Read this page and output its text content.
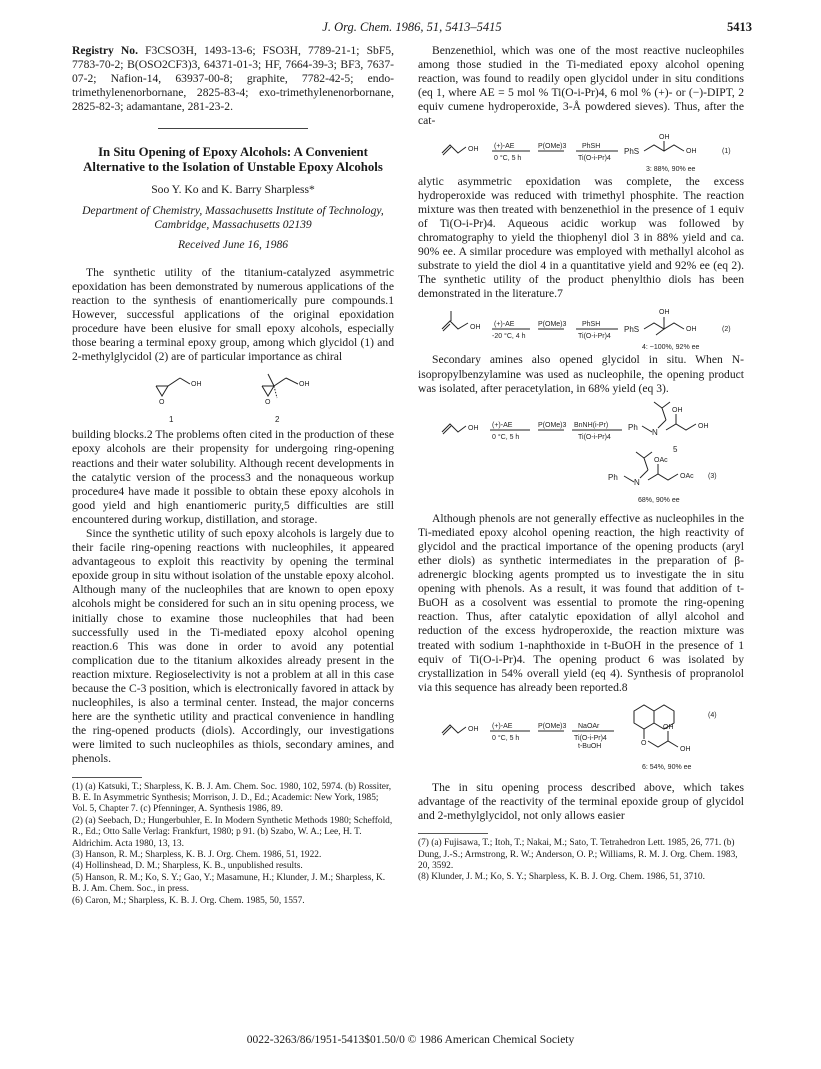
J. Org. Chem. 1986, 51, 5413–5415	5413
Registry No. F3CSO3H, 1493-13-6; FSO3H, 7789-21-1; SbF5, 7783-70-2; B(OSO2CF3)3, 64371-01-3; HF, 7664-39-3; BF3, 7637-07-2; Nafion-14, 63937-00-8; graphite, 7782-42-5; endo-trimethylenenorbornane, 2825-83-4; exo-trimethylenenorbornane, 2825-82-3; adamantane, 281-23-2.
In Situ Opening of Epoxy Alcohols: A Convenient Alternative to the Isolation of Unstable Epoxy Alcohols
Soo Y. Ko and K. Barry Sharpless*
Department of Chemistry, Massachusetts Institute of Technology, Cambridge, Massachusetts 02139
Received June 16, 1986
The synthetic utility of the titanium-catalyzed asymmetric epoxidation has been demonstrated by numerous applications of the reaction to the synthesis of enantiomerically pure compounds.1 However, successful applications of the original epoxidation procedure have been elusive for small epoxy alcohols, especially those bearing a terminal epoxy group, among which glycidol (1) and 2-methylglycidol (2) are of particular importance as chiral
O	O
OH	OH
1	2
building blocks.2 The problems often cited in the production of these epoxy alcohols are their propensity for undergoing ring-opening reactions and their water solubility. Although recent developments in the catalytic version of the process3 and the nonaqueous workup procedure4 have made it possible to obtain these epoxy alcohols in good yield and high enantiomeric purity,5 difficulties are still encountered during workup, distillation, and storage.
Since the synthetic utility of such epoxy alcohols is largely due to their facile ring-opening reactions with nucleophiles, it appeared advantageous to exploit this reactivity by opening the terminal epoxide group in situ without isolation of the unstable epoxy alcohol. Although many of the nucleophiles that are known to open epoxy alcohols might be considered for such an in situ opening process, we initially chose to examine those nucleophiles that had been successfully used in the Ti-mediated epoxy alcohol opening reaction.6 This was done in order to avoid any potential complication due to the titanium alkoxides already present in the reaction mixture. Regioselectivity is not a problem at all in this case because the C-3 position, which is electronically favored in attack by nucleophiles, is also a terminal center. Instead, the major concerns here are the synthetic utility and practical convenience in handling the ring-opened products (diols). Accordingly, our investigations were limited to such nucleophiles as thiols, secondary amines, and phenols.
(1) (a) Katsuki, T.; Sharpless, K. B. J. Am. Chem. Soc. 1980, 102, 5974. (b) Rossiter, B. E. In Asymmetric Synthesis; Morrison, J. D., Ed.; Academic: New York, 1985; Vol. 5, Chapter 7. (c) Pfenninger, A. Synthesis 1986, 89.
(2) (a) Seebach, D.; Hungerbuhler, E. In Modern Synthetic Methods 1980; Scheffold, R., Ed.; Otto Salle Verlag: Frankfurt, 1980; p 91. (b) Szabo, W. A.; Lee, H. T. Aldrichim. Acta 1980, 13, 13.
(3) Hanson, R. M.; Sharpless, K. B. J. Org. Chem. 1986, 51, 1922.
(4) Hollinshead, D. M.; Sharpless, K. B., unpublished results.
(5) Hanson, R. M.; Ko, S. Y.; Gao, Y.; Masamune, H.; Klunder, J. M.; Sharpless, K. B. J. Am. Chem. Soc., in press.
(6) Caron, M.; Sharpless, K. B. J. Org. Chem. 1985, 50, 1557.
Benzenethiol, which was one of the most reactive nucleophiles among those studied in the Ti-mediated epoxy alcohol opening reaction, was found to readily open glycidol under in situ conditions (eq 1, where AE = 5 mol % Ti(O-i-Pr)4, 6 mol % (+)- or (−)-DIPT, 2 equiv cumene hydroperoxide, 3-Å powdered sieves). Thus, after the cat-
OH (+)-AE
0 °C, 5 h
P(OMe)3 PhSH
Ti(O-i-Pr)4
PhS
OH
OH
3: 88%, 90% ee
(1)
alytic asymmetric epoxidation was complete, the excess hydroperoxide was reduced with trimethyl phosphite. The reaction mixture was then treated with benzenethiol in the presence of 1 equiv of Ti(O-i-Pr)4. Aqueous acidic workup was followed by chromatography to yield the thiophenyl diol 3 in 88% yield and ca. 90% ee. A similar procedure was employed with methallyl alcohol as substrate to yield the diol 4 in a quantitative yield and 92% ee (eq 2). The synthetic utility of the product phenylthio diols has been demonstrated in the literature.7
OH (+)-AE
-20 °C, 4 h
P(OMe)3 PhSH
Ti(O-i-Pr)4
PhS
OH
OH
4: ~100%, 92% ee
(2)
Secondary amines also opened glycidol in situ. When N-isopropylbenzylamine was used as nucleophile, the opening product was isolated, after peracetylation, in 68% yield (eq 3).
OH (+)-AE
0 °C, 5 h
P(OMe)3 BnNH(i-Pr)
Ti(O-i-Pr)4
Ph
N
OH
OH
5
Ph
N
OAc
OAc (3)
68%, 90% ee
Although phenols are not generally effective as nucleophiles in the Ti-mediated epoxy alcohol opening reaction, the high reactivity of glycidol and the practical importance of the opening products (aryl ether diols) as synthetic intermediates in the preparation of β-adrenergic blocking agents prompted us to investigate the in situ opening with phenols. As a result, it was found that addition of t-BuOH as a cosolvent was essential to promote the ring-opening reaction. Thus, after catalytic epoxidation of allyl alcohol and reduction of the excess hydroperoxide, the reaction mixture was treated with sodium 1-naphthoxide in t-BuOH in the presence of 1 equiv of Ti(O-i-Pr)4. The opening product 6 was isolated by crystallization in 54% overall yield (eq 4). Synthesis of propranolol via this sequence has already been reported.8
OH (+)-AE
0 °C, 5 h
P(OMe)3 NaOAr
Ti(O-i-Pr)4
t-BuOH	O
OH
OH
(4)
6: 54%, 90% ee
The in situ opening process described above, which takes advantage of the reactivity of the terminal epoxide group of glycidol and 2-methylglycidol, not only allows easier
(7) (a) Fujisawa, T.; Itoh, T.; Nakai, M.; Sato, T. Tetrahedron Lett. 1985, 26, 771. (b) Dung, J.-S.; Armstrong, R. W.; Anderson, O. P.; Williams, R. M. J. Org. Chem. 1983, 20, 3592.
(8) Klunder, J. M.; Ko, S. Y.; Sharpless, K. B. J. Org. Chem. 1986, 51, 3710.
0022-3263/86/1951-5413$01.50/0 © 1986 American Chemical Society
